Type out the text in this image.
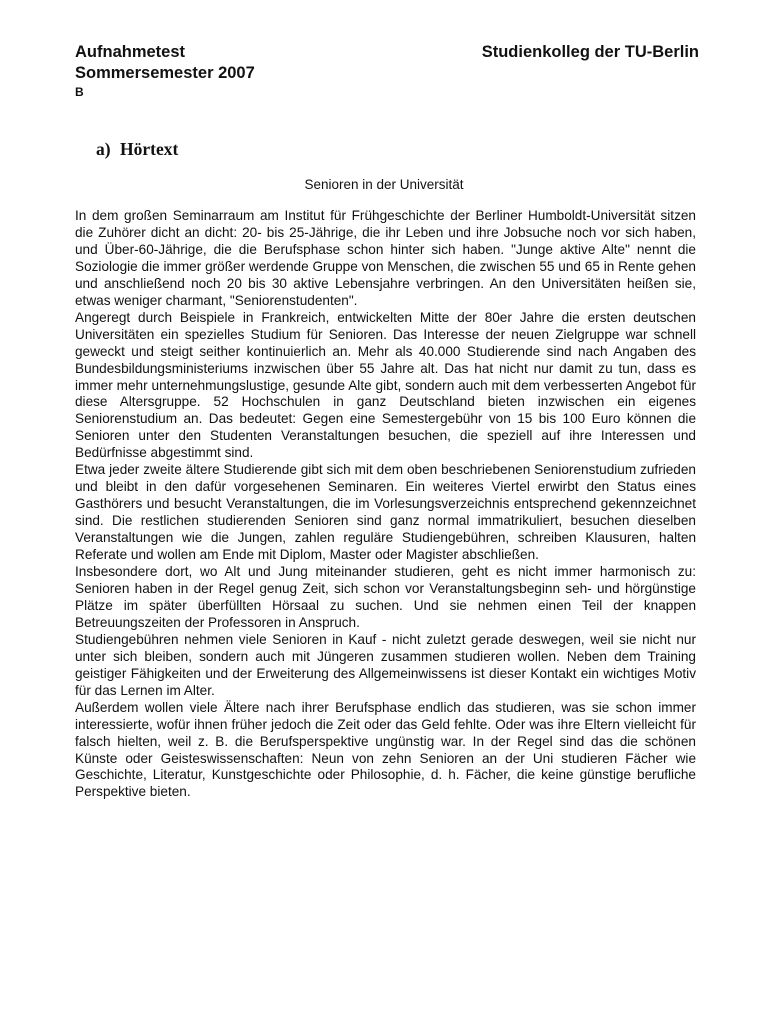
Aufnahmetest	Studienkolleg der TU-Berlin
Sommersemester 2007
B
a) Hörtext
Senioren in der Universität

In dem großen Seminarraum am Institut für Frühgeschichte der Berliner Humboldt-Universität sitzen die Zuhörer dicht an dicht: 20- bis 25-Jährige, die ihr Leben und ihre Jobsuche noch vor sich haben, und Über-60-Jährige, die die Berufsphase schon hinter sich haben. "Junge aktive Alte" nennt die Soziologie die immer größer werdende Gruppe von Menschen, die zwischen 55 und 65 in Rente gehen und anschließend noch 20 bis 30 aktive Lebensjahre verbringen. An den Universitäten heißen sie, etwas weniger charmant, "Seniorenstudenten".

Angeregt durch Beispiele in Frankreich, entwickelten Mitte der 80er Jahre die ersten deutschen Universitäten ein spezielles Studium für Senioren. Das Interesse der neuen Zielgruppe war schnell geweckt und steigt seither kontinuierlich an. Mehr als 40.000 Studierende sind nach Angaben des Bundesbildungsministeriums inzwischen über 55 Jahre alt. Das hat nicht nur damit zu tun, dass es immer mehr unternehmungslustige, gesunde Alte gibt, sondern auch mit dem verbesserten Angebot für diese Altersgruppe. 52 Hochschulen in ganz Deutschland bieten inzwischen ein eigenes Seniorenstudium an. Das bedeutet: Gegen eine Semestergebühr von 15 bis 100 Euro können die Senioren unter den Studenten Veranstaltungen besuchen, die speziell auf ihre Interessen und Bedürfnisse abgestimmt sind.

Etwa jeder zweite ältere Studierende gibt sich mit dem oben beschriebenen Seniorenstudium zufrieden und bleibt in den dafür vorgesehenen Seminaren. Ein weiteres Viertel erwirbt den Status eines Gasthörers und besucht Veranstaltungen, die im Vorlesungsverzeichnis entsprechend gekennzeichnet sind. Die restlichen studierenden Senioren sind ganz normal immatrikuliert, besuchen dieselben Veranstaltungen wie die Jungen, zahlen reguläre Studiengebühren, schreiben Klausuren, halten Referate und wollen am Ende mit Diplom, Master oder Magister abschließen.

Insbesondere dort, wo Alt und Jung miteinander studieren, geht es nicht immer harmonisch zu: Senioren haben in der Regel genug Zeit, sich schon vor Veranstaltungsbeginn seh- und hörgünstige Plätze im später überfüllten Hörsaal zu suchen. Und sie nehmen einen Teil der knappen Betreuungszeiten der Professoren in Anspruch.

Studiengebühren nehmen viele Senioren in Kauf - nicht zuletzt gerade deswegen, weil sie nicht nur unter sich bleiben, sondern auch mit Jüngeren zusammen studieren wollen. Neben dem Training geistiger Fähigkeiten und der Erweiterung des Allgemeinwissens ist dieser Kontakt ein wichtiges Motiv für das Lernen im Alter.

Außerdem wollen viele Ältere nach ihrer Berufsphase endlich das studieren, was sie schon immer interessierte, wofür ihnen früher jedoch die Zeit oder das Geld fehlte. Oder was ihre Eltern vielleicht für falsch hielten, weil z. B. die Berufsperspektive ungünstig war. In der Regel sind das die schönen Künste oder Geisteswissenschaften: Neun von zehn Senioren an der Uni studieren Fächer wie Geschichte, Literatur, Kunstgeschichte oder Philosophie, d. h. Fächer, die keine günstige berufliche Perspektive bieten.
